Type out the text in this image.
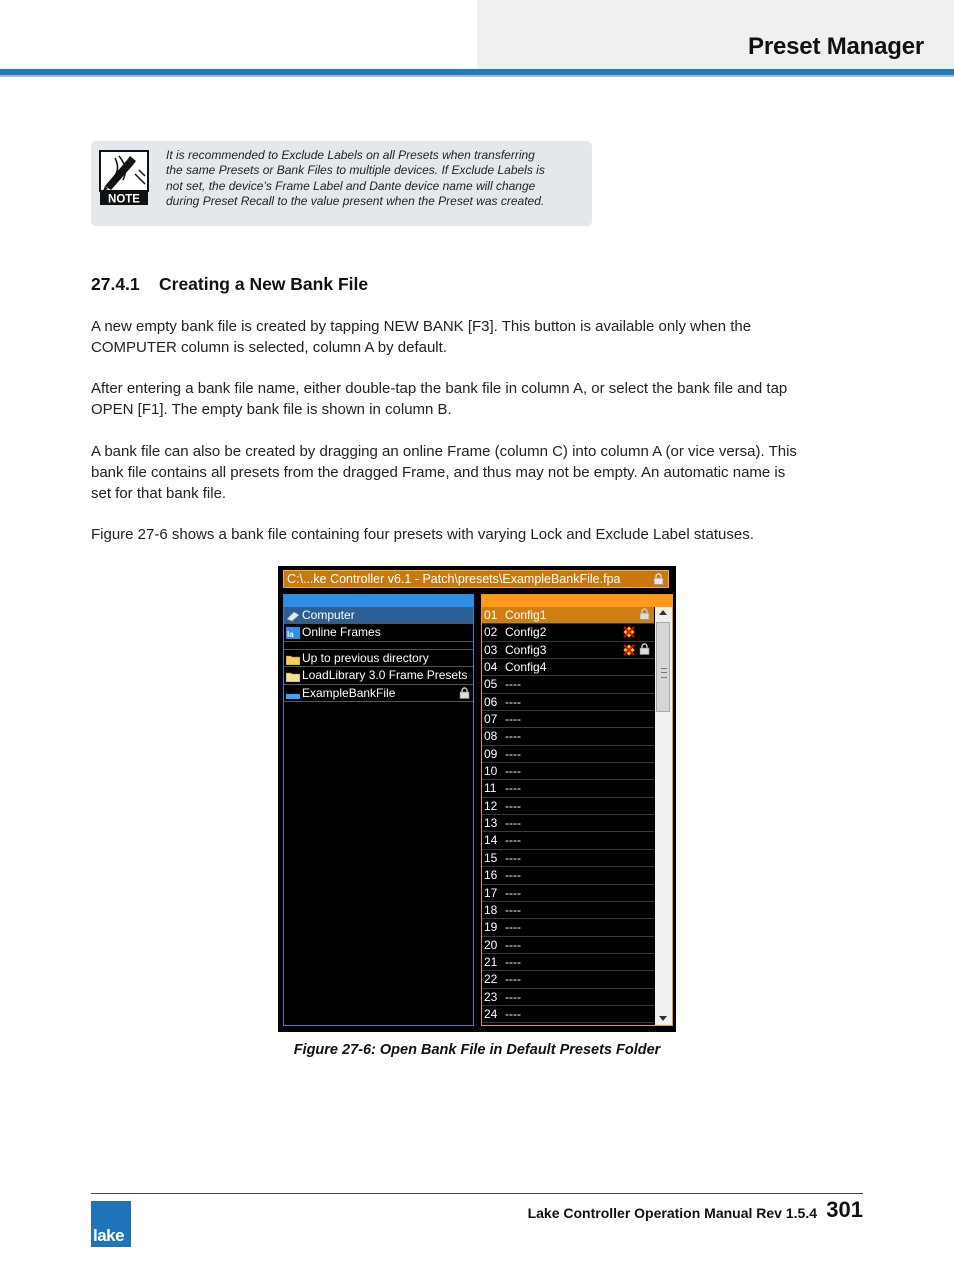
Preset Manager
NOTE
It is recommended to Exclude Labels on all Presets when transferring
the same Presets or Bank Files to multiple devices. If Exclude Labels is
not set, the device’s Frame Label and Dante device name will change
during Preset Recall to the value present when the Preset was created.
27.4.1 Creating a New Bank File
A new empty bank file is created by tapping NEW BANK [F3]. This button is available only when the
COMPUTER column is selected, column A by default.
After entering a bank file name, either double-tap the bank file in column A, or select the bank file and tap
OPEN [F1]. The empty bank file is shown in column B.
A bank file can also be created by dragging an online Frame (column C) into column A (or vice versa). This
bank file contains all presets from the dragged Frame, and thus may not be empty. An automatic name is
set for that bank file.
Figure 27-6 shows a bank file containing four presets with varying Lock and Exclude Label statuses.
C:\...ke Controller v6.1 - Patch\presets\ExampleBankFile.fpa
Computer
la Online Frames
Up to previous directory
LoadLibrary 3.0 Frame Presets
ExampleBankFile
01 Config1
02 Config2
03 Config3
04 Config4
05 ----
06 ----
07 ----
08 ----
09 ----
10 ----
11 ----
12 ----
13 ----
14 ----
15 ----
16 ----
17 ----
18 ----
19 ----
20 ----
21 ----
22 ----
23 ----
24 ----
Figure 27-6: Open Bank File in Default Presets Folder
lake
Lake Controller Operation Manual Rev 1.5.4 301
